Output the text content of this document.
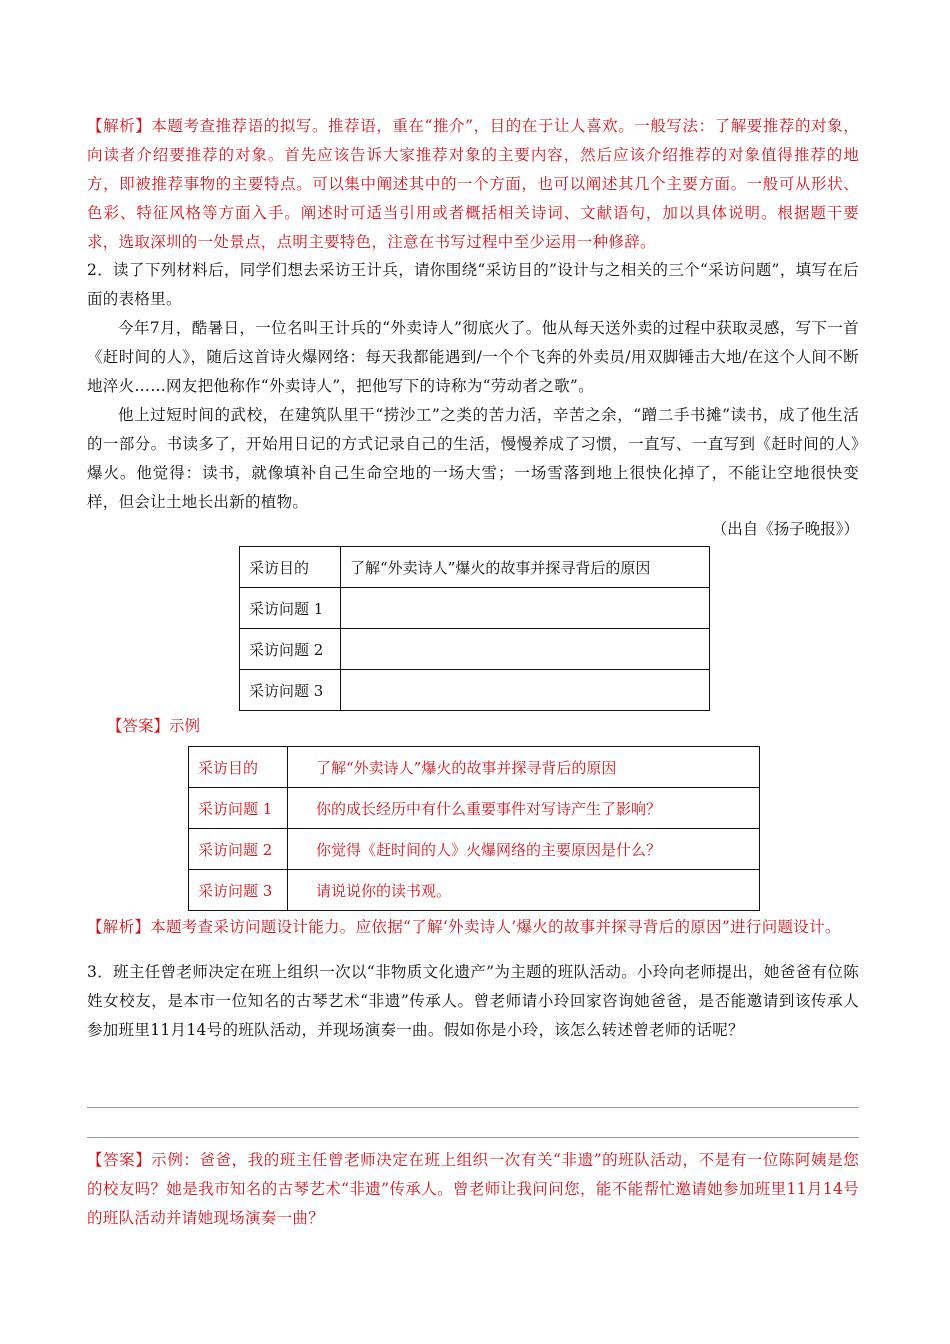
【解析】本题考查推荐语的拟写。推荐语，重在“推介”，目的在于让人喜欢。一般写法：了解要推荐的对象，向读者介绍要推荐的对象。首先应该告诉大家推荐对象的主要内容，然后应该介绍推荐的对象值得推荐的地方，即被推荐事物的主要特点。可以集中阐述其中的一个方面，也可以阐述其几个主要方面。一般可从形状、色彩、特征风格等方面入手。阐述时可适当引用或者概括相关诗词、文献语句，加以具体说明。根据题干要求，选取深圳的一处景点，点明主要特色，注意在书写过程中至少运用一种修辞。

2．读了下列材料后，同学们想去采访王计兵，请你围绕“采访目的”设计与之相关的三个“采访问题”，填写在后面的表格里。

今年7月，酷暑日，一位名叫王计兵的“外卖诗人”彻底火了。他从每天送外卖的过程中获取灵感，写下一首《赶时间的人》，随后这首诗火爆网络：每天我都能遇到/一个个飞奔的外卖员/用双脚锤击大地/在这个人间不断地淬火……网友把他称作“外卖诗人”，把他写下的诗称为“劳动者之歌”。

他上过短时间的武校，在建筑队里干“捞沙工”之类的苦力活，辛苦之余，“蹭二手书摊”读书，成了他生活的一部分。书读多了，开始用日记的方式记录自己的生活，慢慢养成了习惯，一直写、一直写到《赶时间的人》爆火。他觉得：读书，就像填补自己生命空地的一场大雪；一场雪落到地上很快化掉了，不能让空地很快变样，但会让土地长出新的植物。

（出自《扬子晚报》）
采访目的	了解“外卖诗人”爆火的故事并探寻背后的原因
采访问题 1	
采访问题 2	
采访问题 3	
【答案】示例
采访目的	了解“外卖诗人”爆火的故事并探寻背后的原因
采访问题 1	你的成长经历中有什么重要事件对写诗产生了影响？
采访问题 2	你觉得《赶时间的人》火爆网络的主要原因是什么？
采访问题 3	请说说你的读书观。

【解析】本题考查采访问题设计能力。应依据“了解‘外卖诗人’爆火的故事并探寻背后的原因”进行问题设计。

3．班主任曾老师决定在班上组织一次以“非物质文化遗产”为主题的班队活动。小玲向老师提出，她爸爸有位陈姓女校友，是本市一位知名的古琴艺术“非遗”传承人。曾老师请小玲回家咨询她爸爸，是否能邀请到该传承人参加班里11月14号的班队活动，并现场演奏一曲。假如你是小玲，该怎么转述曾老师的话呢？

【答案】示例：爸爸，我的班主任曾老师决定在班上组织一次有关“非遗”的班队活动，不是有一位陈阿姨是您的校友吗？她是我市知名的古琴艺术“非遗”传承人。曾老师让我问问您，能不能帮忙邀请她参加班里11月14号的班队活动并请她现场演奏一曲？
